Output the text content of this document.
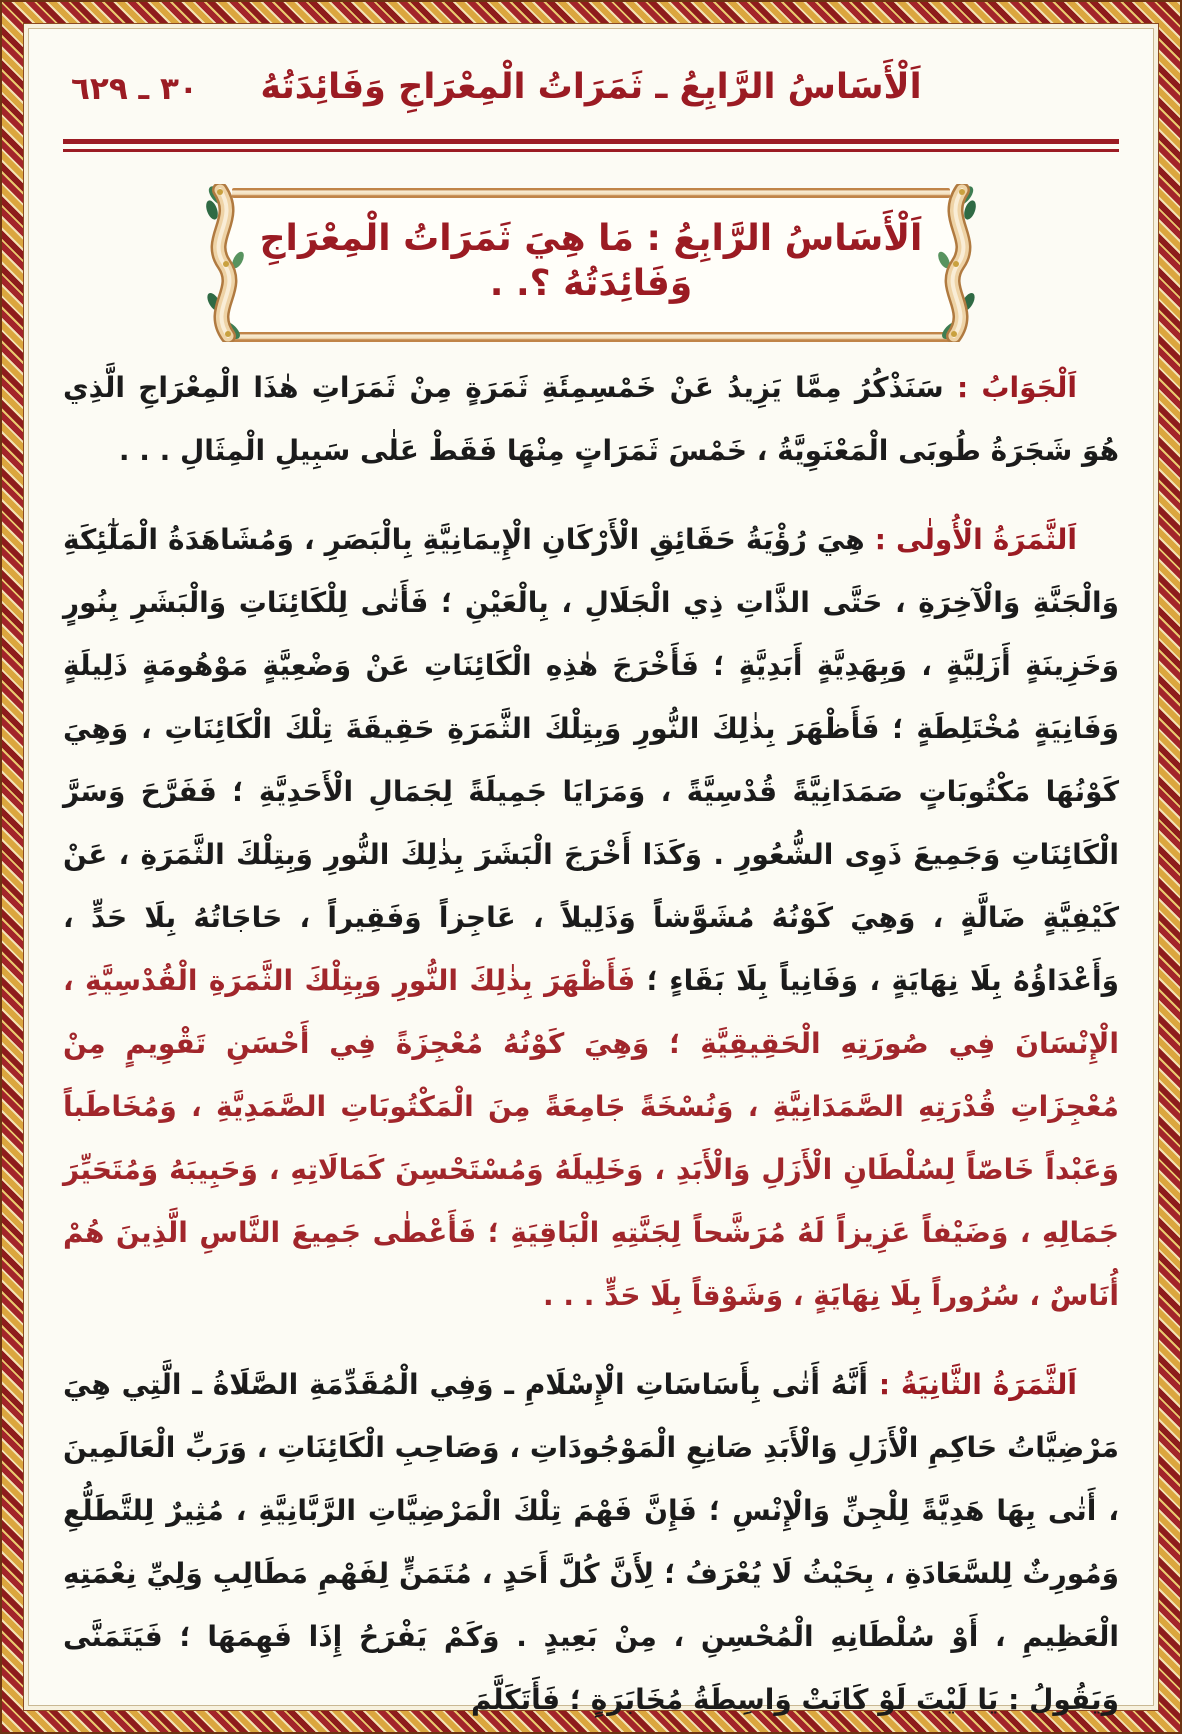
اَلْأَسَاسُ الرَّابِعُ ـ ثَمَرَاتُ الْمِعْرَاجِ وَفَائِدَتُهُ
٣٠ ـ ٦٢٩
اَلْأَسَاسُ الرَّابِعُ : مَا هِيَ ثَمَرَاتُ الْمِعْرَاجِ وَفَائِدَتُهُ ؟. .

اَلْجَوَابُ : سَنَذْكُرُ مِمَّا يَزِيدُ عَنْ خَمْسِمِئَةِ ثَمَرَةٍ مِنْ ثَمَرَاتِ هٰذَا الْمِعْرَاجِ الَّذِي هُوَ شَجَرَةُ طُوبَى الْمَعْنَوِيَّةُ ، خَمْسَ ثَمَرَاتٍ مِنْهَا فَقَطْ عَلٰى سَبِيلِ الْمِثَالِ . . .

اَلثَّمَرَةُ الْأُولٰى : هِيَ رُؤْيَةُ حَقَائِقِ الْأَرْكَانِ الْإِيمَانِيَّةِ بِالْبَصَرِ ، وَمُشَاهَدَةُ الْمَلٰٓئِكَةِ وَالْجَنَّةِ وَالْآخِرَةِ ، حَتَّى الذَّاتِ ذِي الْجَلَالِ ، بِالْعَيْنِ ؛ فَأَتٰى لِلْكَائِنَاتِ وَالْبَشَرِ بِنُورٍ وَخَزِينَةٍ أَزَلِيَّةٍ ، وَبِهَدِيَّةٍ أَبَدِيَّةٍ ؛ فَأَخْرَجَ هٰذِهِ الْكَائِنَاتِ عَنْ وَضْعِيَّةٍ مَوْهُومَةٍ ذَلِيلَةٍ وَفَانِيَةٍ مُخْتَلِطَةٍ ؛ فَأَظْهَرَ بِذٰلِكَ النُّورِ وَبِتِلْكَ الثَّمَرَةِ حَقِيقَةَ تِلْكَ الْكَائِنَاتِ ، وَهِيَ كَوْنُهَا مَكْتُوبَاتٍ صَمَدَانِيَّةً قُدْسِيَّةً ، وَمَرَايَا جَمِيلَةً لِجَمَالِ الْأَحَدِيَّةِ ؛ فَفَرَّحَ وَسَرَّ الْكَائِنَاتِ وَجَمِيعَ ذَوِى الشُّعُورِ . وَكَذَا أَخْرَجَ الْبَشَرَ بِذٰلِكَ النُّورِ وَبِتِلْكَ الثَّمَرَةِ ، عَنْ كَيْفِيَّةٍ ضَالَّةٍ ، وَهِيَ كَوْنُهُ مُشَوَّشاً وَذَلِيلاً ، عَاجِزاً وَفَقِيراً ، حَاجَاتُهُ بِلَا حَدٍّ ، وَأَعْدَاؤُهُ بِلَا نِهَايَةٍ ، وَفَانِياً بِلَا بَقَاءٍ ؛ فَأَظْهَرَ بِذٰلِكَ النُّورِ وَبِتِلْكَ الثَّمَرَةِ الْقُدْسِيَّةِ ، الْإِنْسَانَ فِي صُورَتِهِ الْحَقِيقِيَّةِ ؛ وَهِيَ كَوْنُهُ مُعْجِزَةً فِي أَحْسَنِ تَقْوِيمٍ مِنْ مُعْجِزَاتِ قُدْرَتِهِ الصَّمَدَانِيَّةِ ، وَنُسْخَةً جَامِعَةً مِنَ الْمَكْتُوبَاتِ الصَّمَدِيَّةِ ، وَمُخَاطَباً وَعَبْداً خَاصّاً لِسُلْطَانِ الْأَزَلِ وَالْأَبَدِ ، وَخَلِيلَهُ وَمُسْتَحْسِنَ كَمَالَاتِهِ ، وَحَبِيبَهُ وَمُتَحَيِّرَ جَمَالِهِ ، وَضَيْفاً عَزِيزاً لَهُ مُرَشَّحاً لِجَنَّتِهِ الْبَاقِيَةِ ؛ فَأَعْطٰى جَمِيعَ النَّاسِ الَّذِينَ هُمْ أُنَاسٌ ، سُرُوراً بِلَا نِهَايَةٍ ، وَشَوْقاً بِلَا حَدٍّ . . .

اَلثَّمَرَةُ الثَّانِيَةُ : أَنَّهُ أَتٰى بِأَسَاسَاتِ الْإِسْلَامِ ـ وَفِي الْمُقَدِّمَةِ الصَّلَاةُ ـ الَّتِي هِيَ مَرْضِيَّاتُ حَاكِمِ الْأَزَلِ وَالْأَبَدِ صَانِعِ الْمَوْجُودَاتِ ، وَصَاحِبِ الْكَائِنَاتِ ، وَرَبِّ الْعَالَمِينَ ، أَتٰى بِهَا هَدِيَّةً لِلْجِنِّ وَالْإِنْسِ ؛ فَإِنَّ فَهْمَ تِلْكَ الْمَرْضِيَّاتِ الرَّبَّانِيَّةِ ، مُثِيرٌ لِلتَّطَلُّعِ وَمُورِثٌ لِلسَّعَادَةِ ، بِحَيْثُ لَا يُعْرَفُ ؛ لِأَنَّ كُلَّ أَحَدٍ ، مُتَمَنٍّ لِفَهْمِ مَطَالِبِ وَلِيِّ نِعْمَتِهِ الْعَظِيمِ ، أَوْ سُلْطَانِهِ الْمُحْسِنِ ، مِنْ بَعِيدٍ . وَكَمْ يَفْرَحُ إِذَا فَهِمَهَا ؛ فَيَتَمَنَّى وَيَقُولُ : يَا لَيْتَ لَوْ كَانَتْ وَاسِطَةُ مُخَابَرَةٍ ؛ فَأَتَكَلَّمَ
